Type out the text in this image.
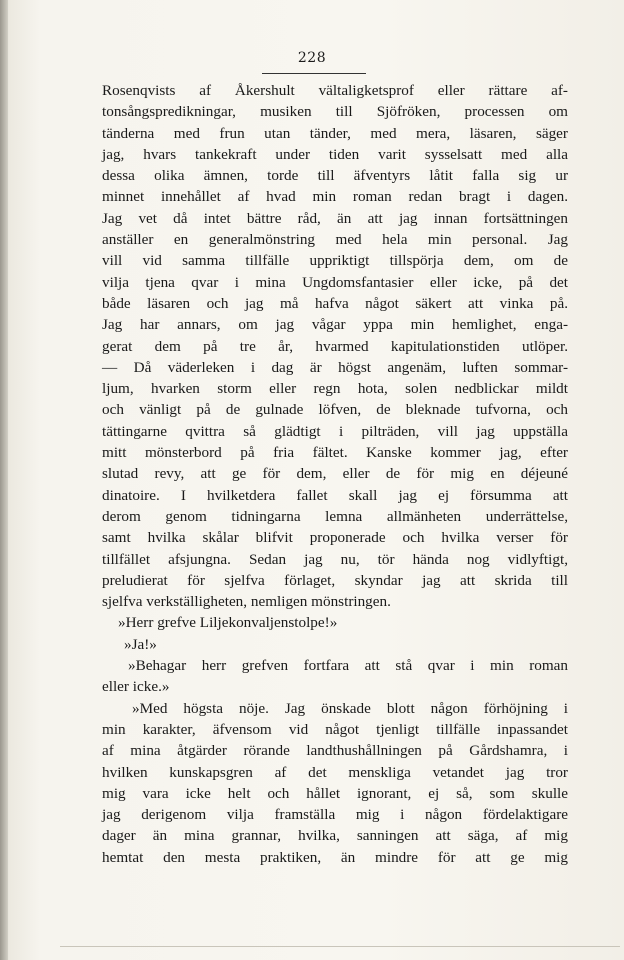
228
Rosenqvists af Åkershult vältaligketsprof eller rättare af-
tonsångspredikningar, musiken till Sjöfröken, processen om
tänderna med frun utan tänder, med mera, läsaren, säger
jag, hvars tankekraft under tiden varit sysselsatt med alla
dessa olika ämnen, torde till äfventyrs låtit falla sig ur
minnet innehållet af hvad min roman redan bragt i dagen.
Jag vet då intet bättre råd, än att jag innan fortsättningen
anställer en generalmönstring med hela min personal. Jag
vill vid samma tillfälle uppriktigt tillspörja dem, om de
vilja tjena qvar i mina Ungdomsfantasier eller icke, på det
både läsaren och jag må hafva något säkert att vinka på.
Jag har annars, om jag vågar yppa min hemlighet, enga-
gerat dem på tre år, hvarmed kapitulationstiden utlöper.
— Då väderleken i dag är högst angenäm, luften sommar-
ljum, hvarken storm eller regn hota, solen nedblickar mildt
och vänligt på de gulnade löfven, de bleknade tufvorna, och
tättingarne qvittra så glädtigt i pilträden, vill jag uppställa
mitt mönsterbord på fria fältet. Kanske kommer jag, efter
slutad revy, att ge för dem, eller de för mig en déjeuné
dinatoire. I hvilketdera fallet skall jag ej försumma att
derom genom tidningarna lemna allmänheten underrättelse,
samt hvilka skålar blifvit proponerade och hvilka verser för
tillfället afsjungna. Sedan jag nu, tör hända nog vidlyftigt,
preludierat för sjelfva förlaget, skyndar jag att skrida till
sjelfva verkställigheten, nemligen mönstringen.
»Herr grefve Liljekonvaljenstolpe!»
»Ja!»
»Behagar herr grefven fortfara att stå qvar i min roman
eller icke.»
»Med högsta nöje. Jag önskade blott någon förhöjning i
min karakter, äfvensom vid något tjenligt tillfälle inpassandet
af mina åtgärder rörande landthushållningen på Gårdshamra, i
hvilken kunskapsgren af det menskliga vetandet jag tror
mig vara icke helt och hållet ignorant, ej så, som skulle
jag derigenom vilja framställa mig i någon fördelaktigare
dager än mina grannar, hvilka, sanningen att säga, af mig
hemtat den mesta praktiken, än mindre för att ge mig
